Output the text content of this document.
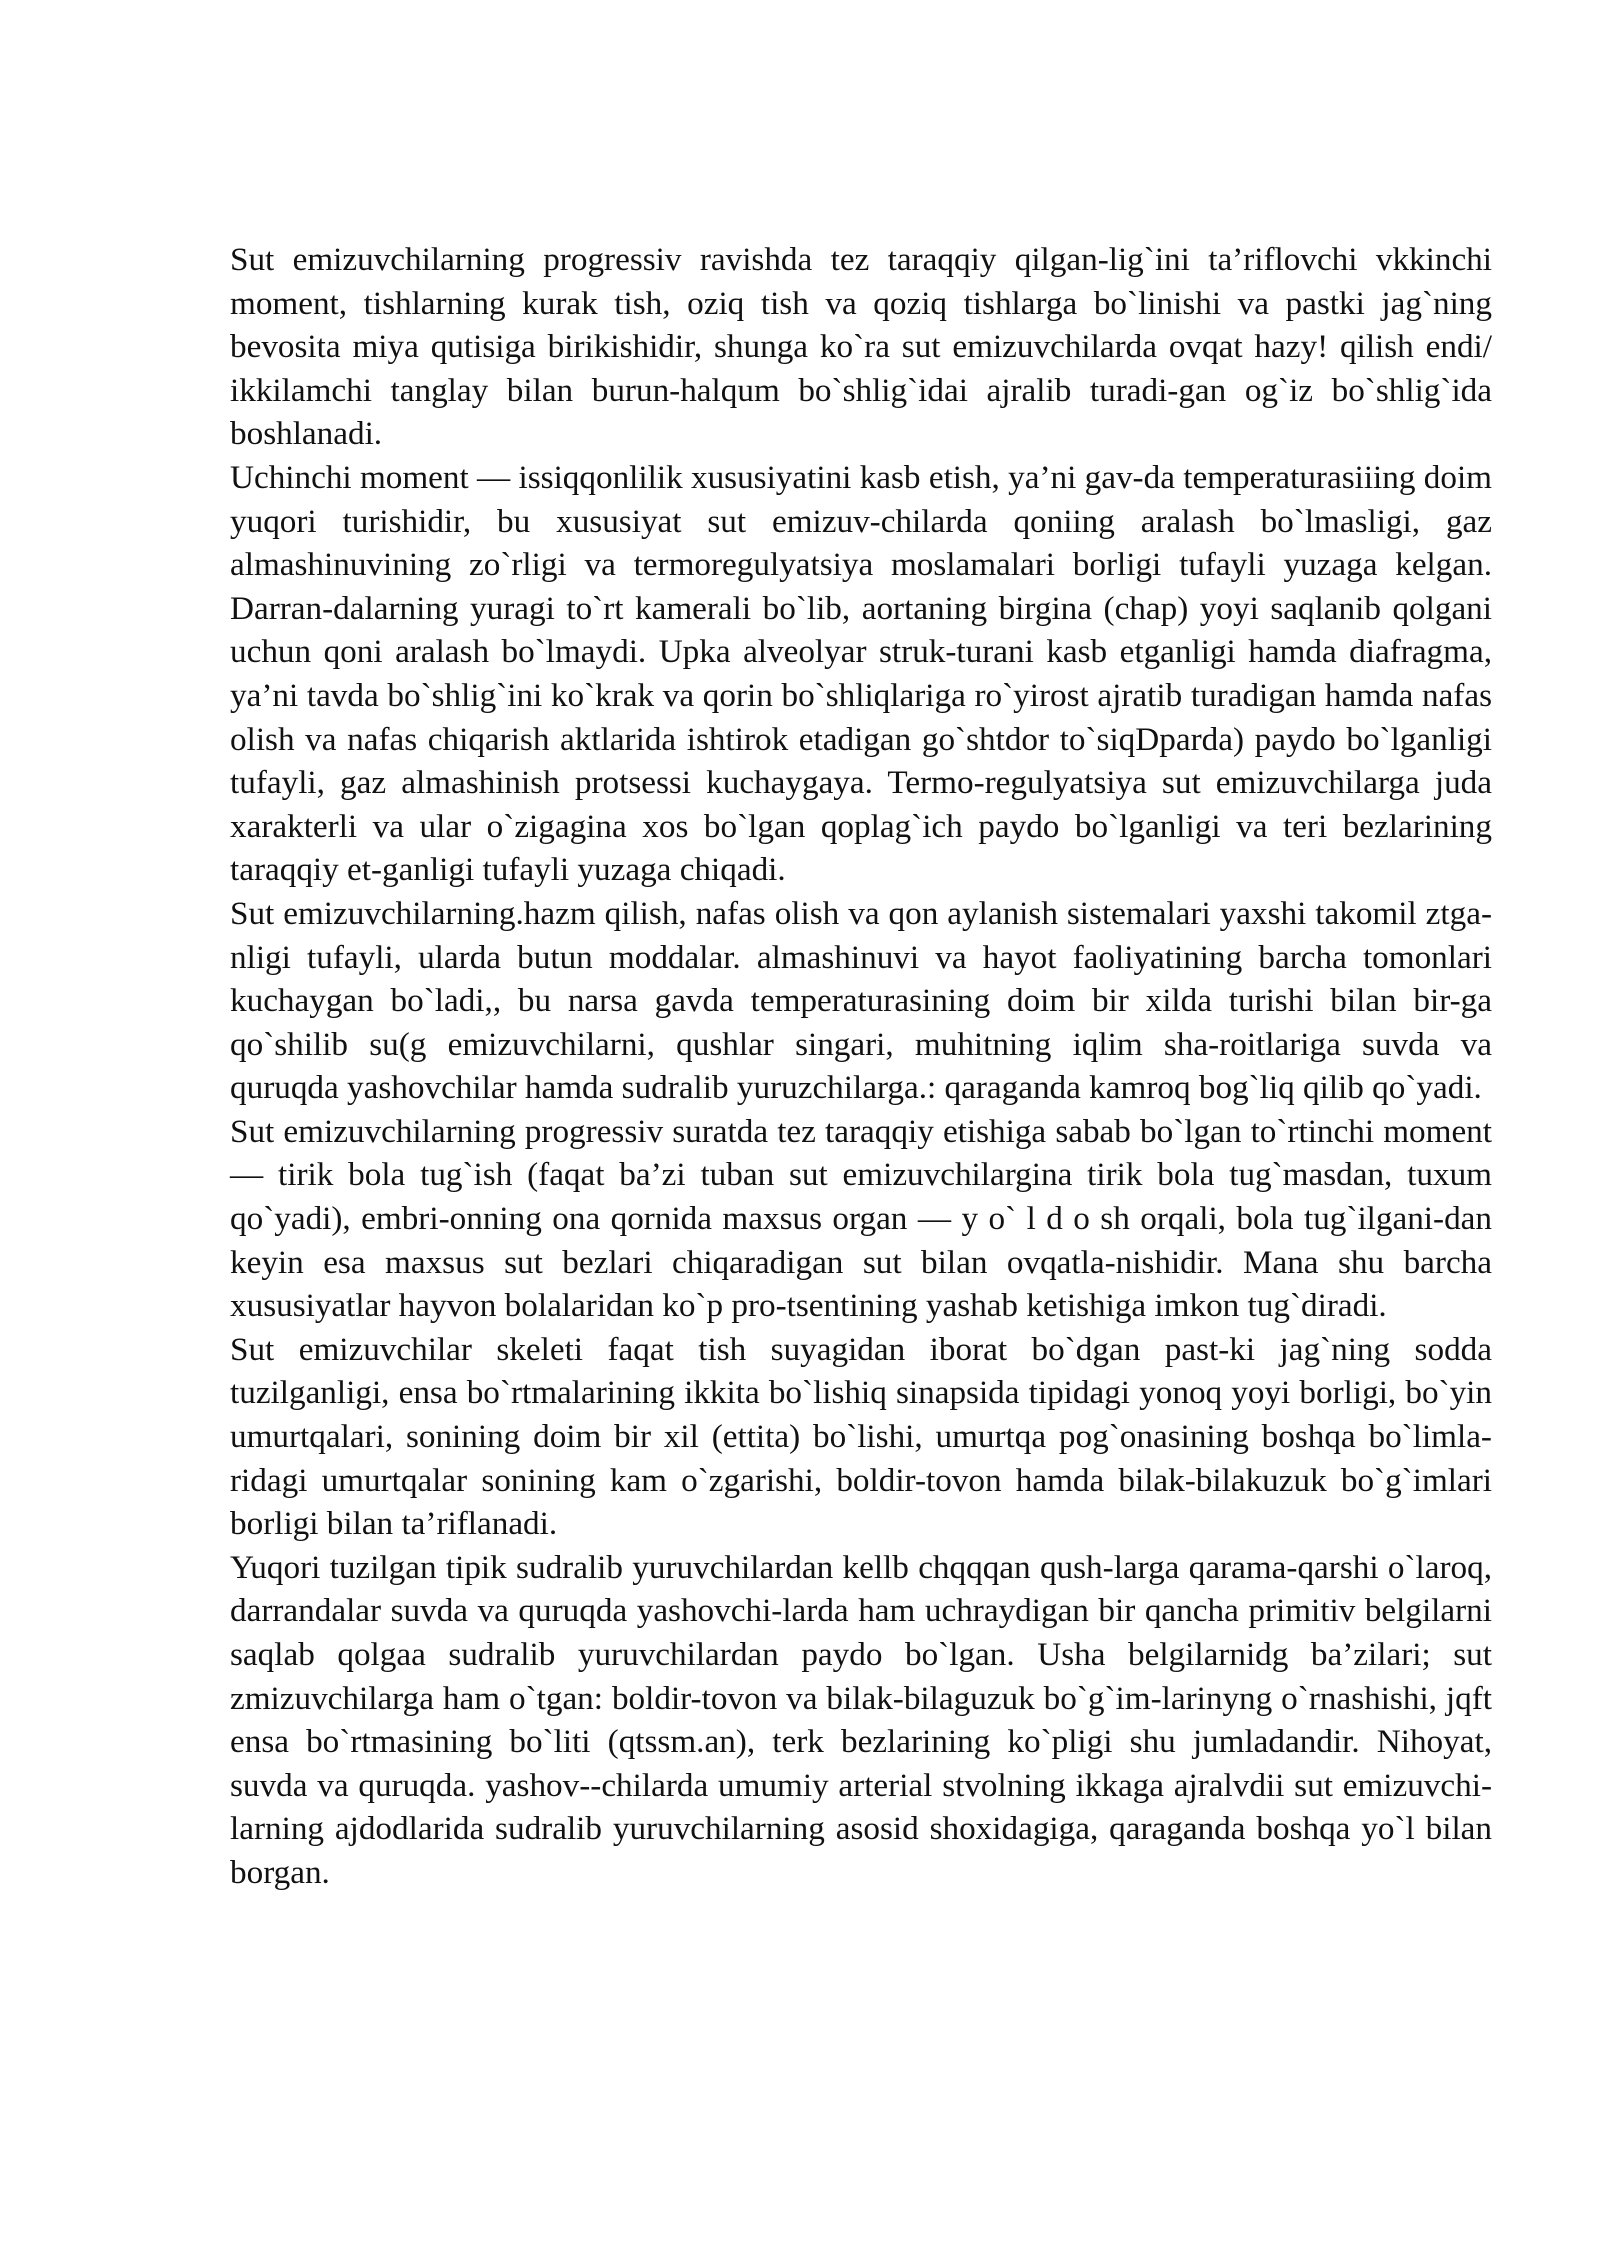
Sut emizuvchilarning progressiv ravishda tez taraqqiy qilgan-lig`ini ta’riflovchi vkkinchi moment, tishlarning kurak tish, oziq tish va qoziq tishlarga bo`linishi va pastki jag`ning bevosita miya qutisiga birikishidir, shunga ko`ra sut emizuvchilarda ovqat hazy! qilish endi/ ikkilamchi tanglay bilan burun-halqum bo`shlig`idai ajralib turadi-gan og`iz bo`shlig`ida boshlanadi.

Uchinchi moment — issiqqonlilik xususiyatini kasb etish, ya’ni gav-da temperaturasiiing doim yuqori turishidir, bu xususiyat sut emizuv-chilarda qoniing aralash bo`lmasligi, gaz almashinuvining zo`rligi va termoregulyatsiya moslamalari borligi tufayli yuzaga kelgan. Darran-dalarning yuragi to`rt kamerali bo`lib, aortaning birgina (chap) yoyi saqlanib qolgani uchun qoni aralash bo`lmaydi. Upka alveolyar struk-turani kasb etganligi hamda diafragma, ya’ni tavda bo`shlig`ini ko`krak va qorin bo`shliqlariga ro`yirost ajratib turadigan hamda nafas olish va nafas chiqarish aktlarida ishtirok etadigan go`shtdor to`siqDparda) paydo bo`lganligi tufayli, gaz almashinish protsessi kuchaygaya. Termo-regulyatsiya sut emizuvchilarga juda xarakterli va ular o`zigagina xos bo`lgan qoplag`ich paydo bo`lganligi va teri bezlarining taraqqiy et-ganligi tufayli yuzaga chiqadi.

Sut emizuvchilarning.hazm qilish, nafas olish va qon aylanish sistemalari yaxshi takomil ztga-nligi tufayli, ularda butun moddalar. almashinuvi va hayot faoliyatining barcha tomonlari kuchaygan bo`ladi,, bu narsa gavda temperaturasining doim bir xilda turishi bilan bir-ga qo`shilib su(g emizuvchilarni, qushlar singari, muhitning iqlim sha-roitlariga suvda va quruqda yashovchilar hamda sudralib yuruzchilarga.: qaraganda kamroq bog`liq qilib qo`yadi.

Sut emizuvchilarning progressiv suratda tez taraqqiy etishiga sabab bo`lgan to`rtinchi moment — tirik bola tug`ish (faqat ba’zi tuban sut emizuvchilargina tirik bola tug`masdan, tuxum qo`yadi), embri-onning ona qornida maxsus organ — y o` l d o sh orqali, bola tug`ilgani-dan keyin esa maxsus sut bezlari chiqaradigan sut bilan ovqatla-nishidir. Mana shu barcha xususiyatlar hayvon bolalaridan ko`p pro-tsentining yashab ketishiga imkon tug`diradi.

Sut emizuvchilar skeleti faqat tish suyagidan iborat bo`dgan past-ki jag`ning sodda tuzilganligi, ensa bo`rtmalarining ikkita bo`lishiq sinapsida tipidagi yonoq yoyi borligi, bo`yin umurtqalari, sonining doim bir xil (ettita) bo`lishi, umurtqa pog`onasining boshqa bo`limla-ridagi umurtqalar sonining kam o`zgarishi, boldir-tovon hamda bilak-bilakuzuk bo`g`imlari borligi bilan ta’riflanadi.

Yuqori tuzilgan tipik sudralib yuruvchilardan kellb chqqqan qush-larga qarama-qarshi o`laroq, darrandalar suvda va quruqda yashovchi-larda ham uchraydigan bir qancha primitiv belgilarni saqlab qolgaa sudralib yuruvchilardan paydo bo`lgan. Usha belgilarnidg ba’zilari; sut zmizuvchilarga ham o`tgan: boldir-tovon va bilak-bilaguzuk bo`g`im-larinyng o`rnashishi, jqft ensa bo`rtmasining bo`liti (qtssm.an), terk bezlarining ko`pligi shu jumladandir. Nihoyat, suvda va quruqda. yashov--chilarda umumiy arterial stvolning ikkaga ajralvdii sut emizuvchi-larning ajdodlarida sudralib yuruvchilarning asosid shoxidagiga, qaraganda boshqa yo`l bilan borgan.
